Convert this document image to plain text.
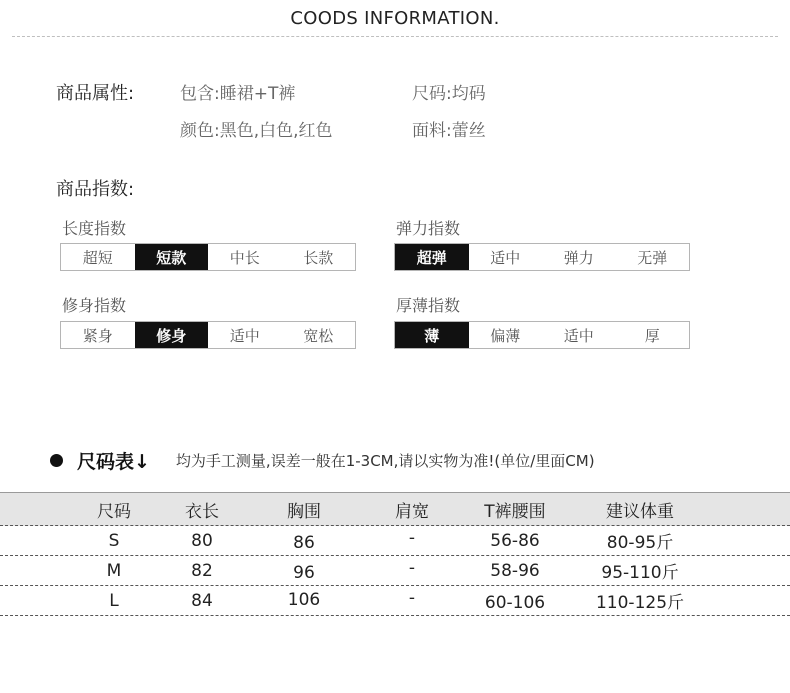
COODS INFORMATION.
商品属性:	包含:睡裙+T裤	尺码:均码
颜色:黑色,白色,红色	面料:蕾丝
商品指数:
长度指数
超短	短款	中长	长款
弹力指数
超弹	适中	弹力	无弹
修身指数
紧身	修身	适中	宽松
厚薄指数
薄	偏薄	适中	厚
尺码表↓ 均为手工测量,误差一般在1-3CM,请以实物为准!(单位/里面CM)
尺码	衣长	胸围	肩宽	T裤腰围	建议体重
S	80	86	-	56-86	80-95斤
M	82	96	-	58-96	95-110斤
L	84	106	-	60-106	110-125斤
